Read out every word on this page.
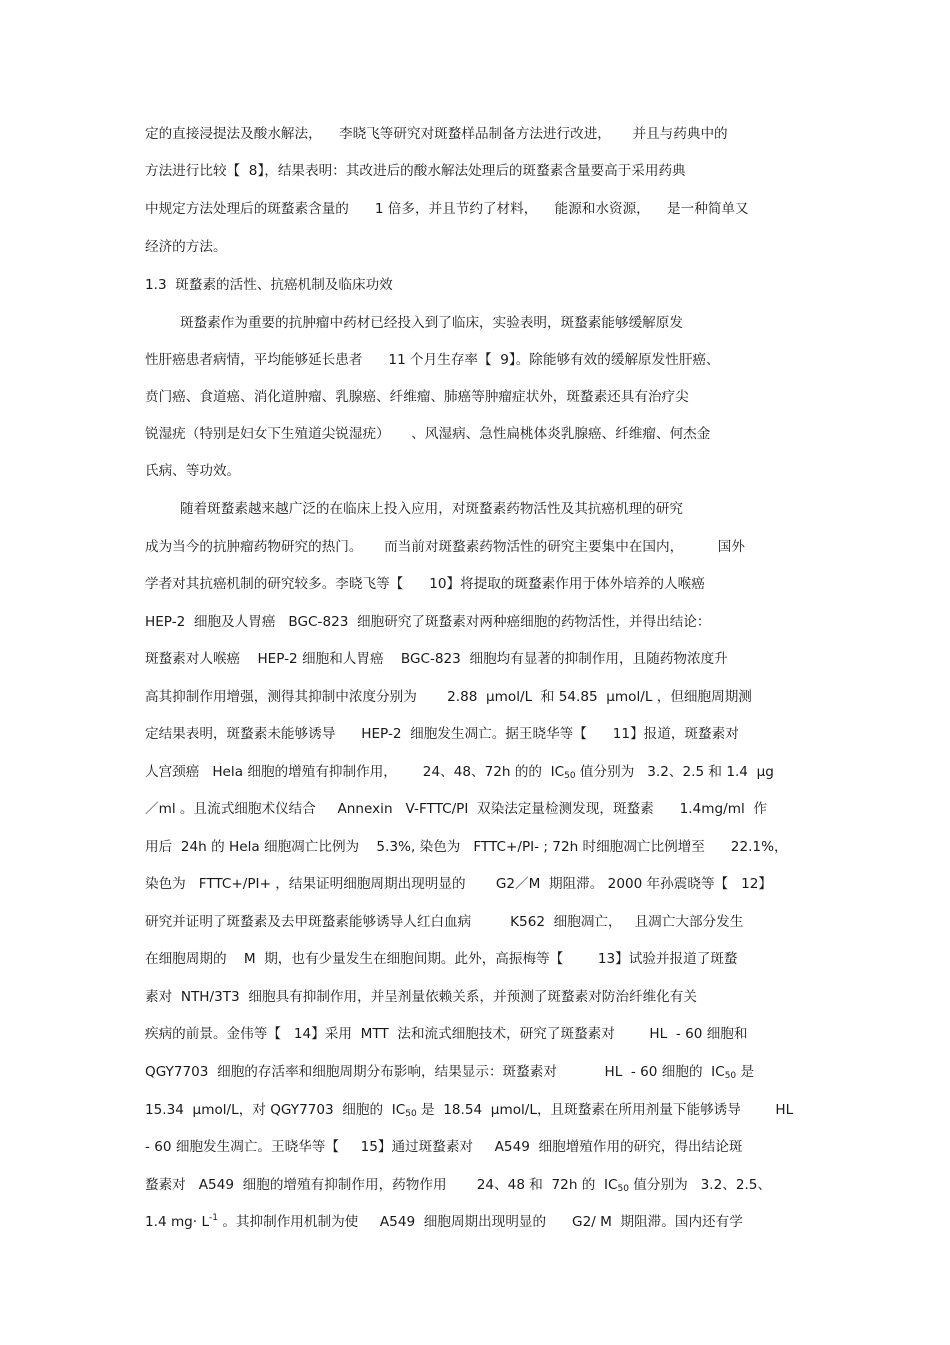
定的直接浸提法及酸水解法，    李晓飞等研究对斑蝥样品制备方法进行改进，     并且与药典中的
方法进行比较【  8】，结果表明：其改进后的酸水解法处理后的斑蝥素含量要高于采用药典
中规定方法处理后的斑蝥素含量的      1 倍多，并且节约了材料，    能源和水资源，    是一种简单又
经济的方法。
1.3  斑蝥素的活性、抗癌机制及临床功效
斑蝥素作为重要的抗肿瘤中药材已经投入到了临床，实验表明，斑蝥素能够缓解原发
性肝癌患者病情，平均能够延长患者      11 个月生存率【  9】。除能够有效的缓解原发性肝癌、
贲门癌、食道癌、消化道肿瘤、乳腺癌、纤维瘤、肺癌等肿瘤症状外，斑蝥素还具有治疗尖
锐湿疣（特别是妇女下生殖道尖锐湿疣）     、风湿病、急性扁桃体炎乳腺癌、纤维瘤、何杰金
氏病、等功效。
随着斑蝥素越来越广泛的在临床上投入应用，对斑蝥素药物活性及其抗癌机理的研究
成为当今的抗肿瘤药物研究的热门。     而当前对斑蝥素药物活性的研究主要集中在国内，        国外
学者对其抗癌机制的研究较多。李晓飞等【      10】将提取的斑蝥素作用于体外培养的人喉癌
HEP-2  细胞及人胃癌   BGC-823  细胞研究了斑蝥素对两种癌细胞的药物活性，并得出结论：
斑蝥素对人喉癌    HEP-2 细胞和人胃癌    BGC-823  细胞均有显著的抑制作用，且随药物浓度升
高其抑制作用增强，测得其抑制中浓度分别为       2.88  μmol/L  和 54.85  μmol/L ，但细胞周期测
定结果表明，斑蝥素未能够诱导      HEP-2  细胞发生凋亡。据王晓华等【      11】报道，斑蝥素对
人宫颈癌   Hela 细胞的增殖有抑制作用，      24、48、72h 的的  $IC_{50}$ 值分别为   3.2、2.5 和 1.4  μg
／ml 。且流式细胞术仪结合     Annexin   V-FTTC/PI  双染法定量检测发现，斑蝥素      1.4mg/ml  作
用后  24h 的 Hela 细胞凋亡比例为    5.3%, 染色为   FTTC+/PI- ; 72h 时细胞凋亡比例增至      22.1%，
染色为   FTTC+/PI+ ，结果证明细胞周期出现明显的       G2／M  期阻滞。 2000 年孙震晓等【   12】
研究并证明了斑蝥素及去甲斑蝥素能够诱导人红白血病         K562  细胞凋亡，   且凋亡大部分发生
在细胞周期的    M  期，也有少量发生在细胞间期。此外，高振梅等【        13】试验并报道了斑蝥
素对  NTH/3T3  细胞具有抑制作用，并呈剂量依赖关系，并预测了斑蝥素对防治纤维化有关
疾病的前景。金伟等【   14】采用  MTT  法和流式细胞技术，研究了斑蝥素对        HL  - 60 细胞和
QGY7703  细胞的存活率和细胞周期分布影响，结果显示：斑蝥素对           HL  - 60 细胞的  $IC_{50}$ 是
15.34  μmol/L，对 QGY7703  细胞的  $IC_{50}$ 是  18.54  μmol/L，且斑蝥素在所用剂量下能够诱导        HL
- 60 细胞发生凋亡。王晓华等【     15】通过斑蝥素对     A549  细胞增殖作用的研究，得出结论斑
蝥素对   A549  细胞的增殖有抑制作用，药物作用       24、48 和  72h 的  $IC_{50}$ 值分别为   3.2、2.5、
1.4 $mg\cdot L^{-1}$ 。其抑制作用机制为使     A549  细胞周期出现明显的      G2/ M  期阻滞。国内还有学
